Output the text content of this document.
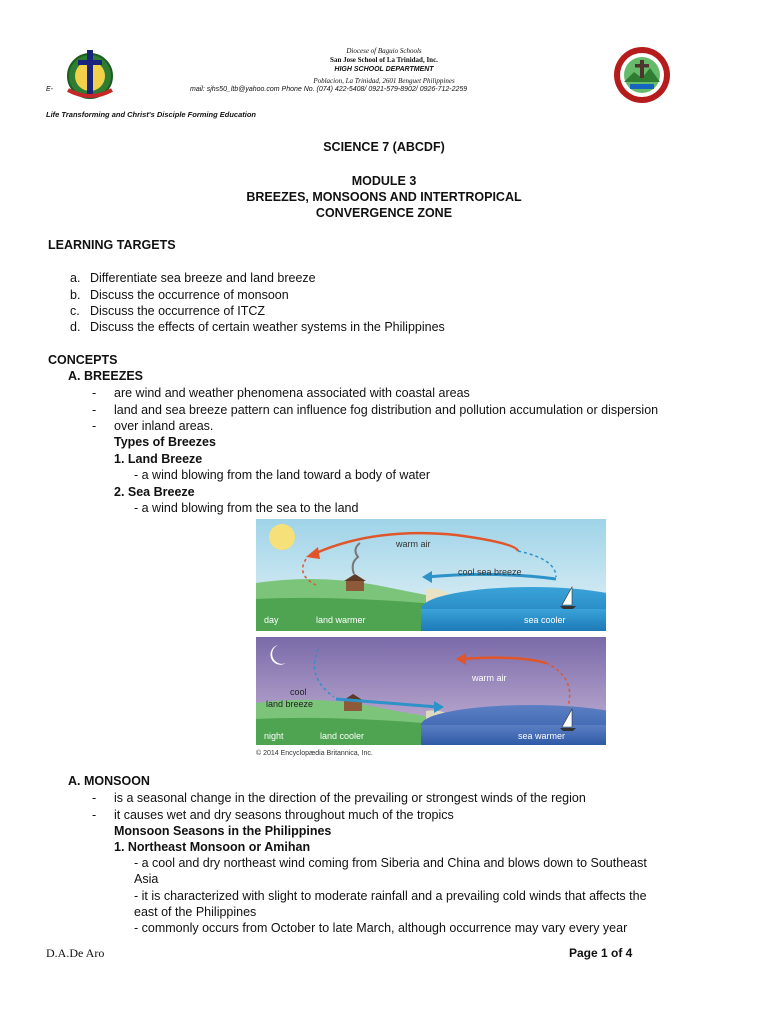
Diocese of Baguio Schools
San Jose School of La Trinidad, Inc.
HIGH SCHOOL DEPARTMENT
Poblacion, La Trinidad, 2601 Benguet Philippines
E-	mail: sjhs50_ltb@yahoo.com Phone No. (074) 422-5408/ 0921-579-8902/ 0926-712-2259
Life Transforming and Christ's Disciple Forming Education
SCIENCE 7 (ABCDF)
MODULE 3
BREEZES, MONSOONS AND INTERTROPICAL
CONVERGENCE ZONE
LEARNING TARGETS
a. Differentiate sea breeze and land breeze
b. Discuss the occurrence of monsoon
c. Discuss the occurrence of ITCZ
d. Discuss the effects of certain weather systems in the Philippines
CONCEPTS
A. BREEZES
- are wind and weather phenomena associated with coastal areas
- land and sea breeze pattern can influence fog distribution and pollution accumulation or dispersion
- over inland areas.
Types of Breezes
1. Land Breeze
- a wind blowing from the land toward a body of water
2. Sea Breeze
- a wind blowing from the sea to the land
warm air
cool sea breeze
day	land warmer	sea cooler
warm air
cool
land breeze
night	land cooler	sea warmer
© 2014 Encyclopædia Britannica, Inc.
A. MONSOON
- is a seasonal change in the direction of the prevailing or strongest winds of the region
- it causes wet and dry seasons throughout much of the tropics
Monsoon Seasons in the Philippines
1. Northeast Monsoon or Amihan
- a cool and dry northeast wind coming from Siberia and China and blows down to Southeast
Asia
- it is characterized with slight to moderate rainfall and a prevailing cold winds that affects the
east of the Philippines
- commonly occurs from October to late March, although occurrence may vary every year
D.A.De Aro	Page 1 of 4
